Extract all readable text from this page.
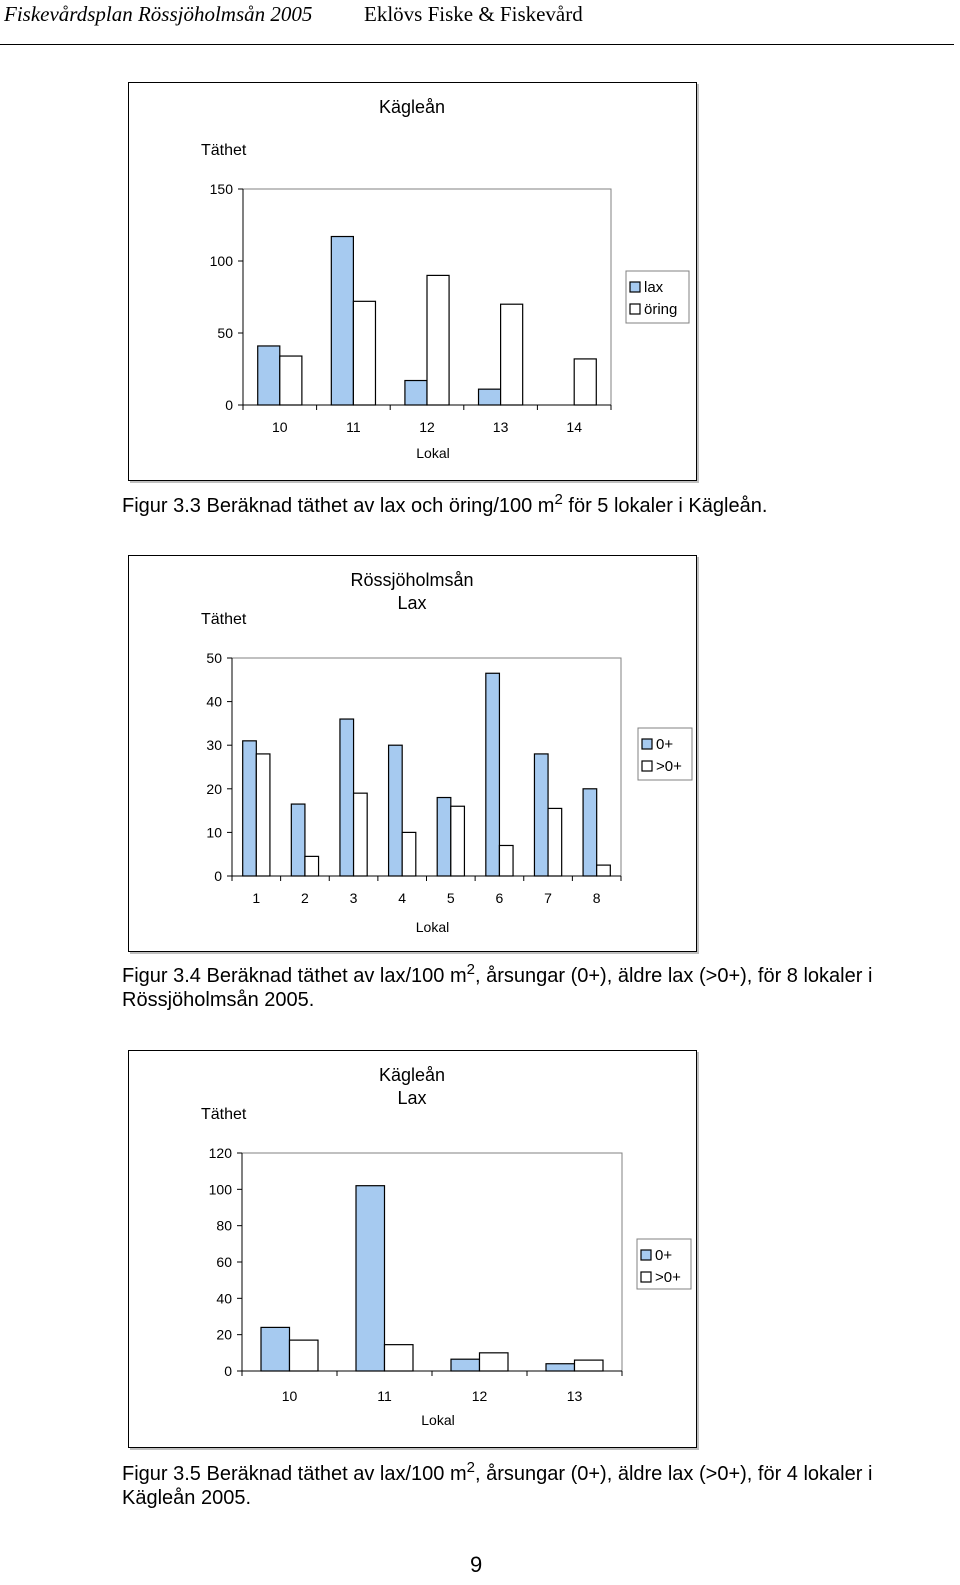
Fiskevårdsplan Rössjöholmsån 2005 Eklövs Fiske & Fiskevård
Kägleån
Täthet
0
50
100
150
10	11	12	13	14
Lokal
lax
öring
Figur 3.3 Beräknad täthet av lax och öring/100 $m^2$ för 5 lokaler i Kägleån.
Rössjöholmsån
Lax
Täthet
0
10
20
30
40
50
1	2	3	4	5	6	7	8
Lokal
0+
>0+
Figur 3.4 Beräknad täthet av lax/100 $m^2$, årsungar (0+), äldre lax (>0+), för 8 lokaler i Rössjöholmsån 2005.
Kägleån
Lax
Täthet
0
20
40
60
80
100
120
10	11	12	13
Lokal
0+
>0+
Figur 3.5 Beräknad täthet av lax/100 $m^2$, årsungar (0+), äldre lax (>0+), för 4 lokaler i Kägleån 2005.
9
